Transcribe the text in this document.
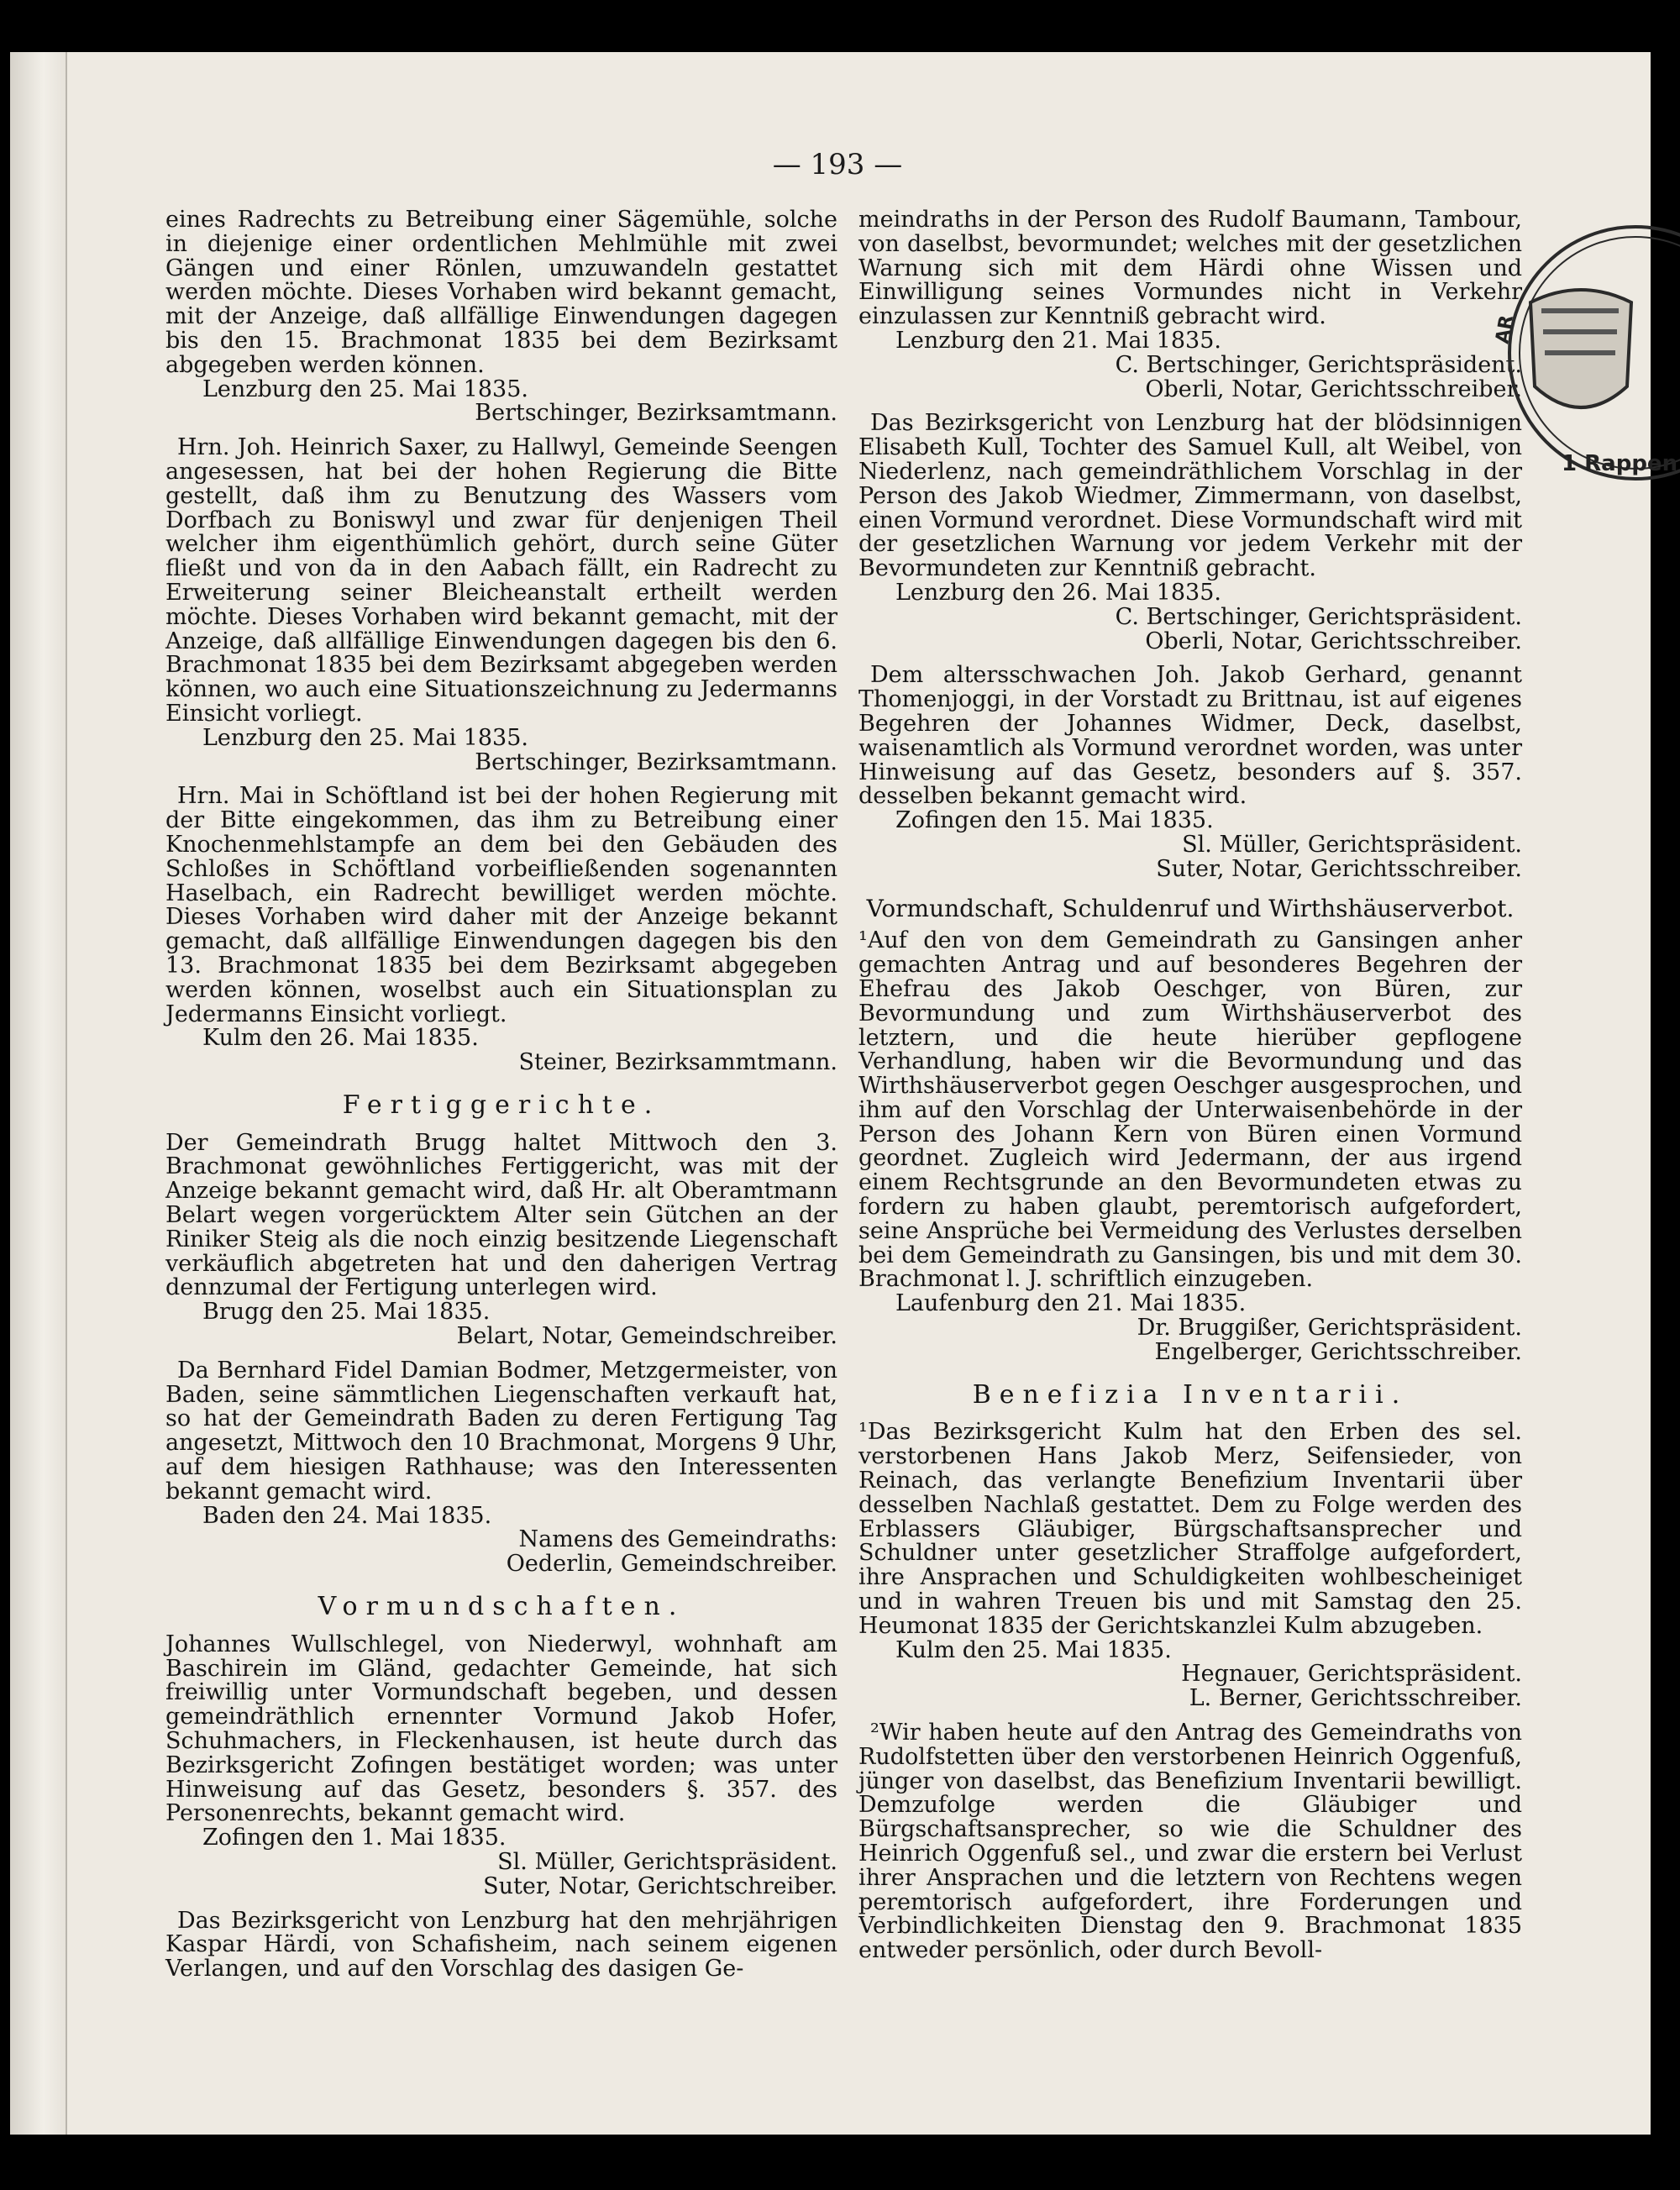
— 193 —

eines Radrechts zu Betreibung einer Sägemühle, solche in diejenige einer ordentlichen Mehlmühle mit zwei Gängen und einer Rönlen, umzuwandeln gestattet werden möchte. Dieses Vorhaben wird bekannt gemacht, mit der Anzeige, daß allfällige Einwendungen dagegen bis den 15. Brachmonat 1835 bei dem Bezirksamt abgegeben werden können.

Lenzburg den 25. Mai 1835.

Bertschinger, Bezirksamtmann.

Hrn. Joh. Heinrich Saxer, zu Hallwyl, Gemeinde Seengen angesessen, hat bei der hohen Regierung die Bitte gestellt, daß ihm zu Benutzung des Wassers vom Dorfbach zu Boniswyl und zwar für denjenigen Theil welcher ihm eigenthümlich gehört, durch seine Güter fließt und von da in den Aabach fällt, ein Radrecht zu Erweiterung seiner Bleicheanstalt ertheilt werden möchte. Dieses Vorhaben wird bekannt gemacht, mit der Anzeige, daß allfällige Einwendungen dagegen bis den 6. Brachmonat 1835 bei dem Bezirksamt abgegeben werden können, wo auch eine Situationszeichnung zu Jedermanns Einsicht vorliegt.

Lenzburg den 25. Mai 1835.

Bertschinger, Bezirksamtmann.

Hrn. Mai in Schöftland ist bei der hohen Regierung mit der Bitte eingekommen, das ihm zu Betreibung einer Knochenmehlstampfe an dem bei den Gebäuden des Schloßes in Schöftland vorbeifließenden sogenannten Haselbach, ein Radrecht bewilliget werden möchte. Dieses Vorhaben wird daher mit der Anzeige bekannt gemacht, daß allfällige Einwendungen dagegen bis den 13. Brachmonat 1835 bei dem Bezirksamt abgegeben werden können, woselbst auch ein Situationsplan zu Jedermanns Einsicht vorliegt.

Kulm den 26. Mai 1835.

Steiner, Bezirksammtmann.

Fertiggerichte.

Der Gemeindrath Brugg haltet Mittwoch den 3. Brachmonat gewöhnliches Fertiggericht, was mit der Anzeige bekannt gemacht wird, daß Hr. alt Oberamtmann Belart wegen vorgerücktem Alter sein Gütchen an der Riniker Steig als die noch einzig besitzende Liegenschaft verkäuflich abgetreten hat und den daherigen Vertrag dennzumal der Fertigung unterlegen wird.

Brugg den 25. Mai 1835.

Belart, Notar, Gemeindschreiber.

Da Bernhard Fidel Damian Bodmer, Metzgermeister, von Baden, seine sämmtlichen Liegenschaften verkauft hat, so hat der Gemeindrath Baden zu deren Fertigung Tag angesetzt, Mittwoch den 10 Brachmonat, Morgens 9 Uhr, auf dem hiesigen Rathhause; was den Interessenten bekannt gemacht wird.

Baden den 24. Mai 1835.

Namens des Gemeindraths:

Oederlin, Gemeindschreiber.

Vormundschaften.

Johannes Wullschlegel, von Niederwyl, wohnhaft am Baschirein im Gländ, gedachter Gemeinde, hat sich freiwillig unter Vormundschaft begeben, und dessen gemeindräthlich ernennter Vormund Jakob Hofer, Schuhmachers, in Fleckenhausen, ist heute durch das Bezirksgericht Zofingen bestätiget worden; was unter Hinweisung auf das Gesetz, besonders §. 357. des Personenrechts, bekannt gemacht wird.

Zofingen den 1. Mai 1835.

Sl. Müller, Gerichtspräsident.

Suter, Notar, Gerichtschreiber.

Das Bezirksgericht von Lenzburg hat den mehrjährigen Kaspar Härdi, von Schafisheim, nach seinem eigenen Verlangen, und auf den Vorschlag des dasigen Ge-

meindraths in der Person des Rudolf Baumann, Tambour, von daselbst, bevormundet; welches mit der gesetzlichen Warnung sich mit dem Härdi ohne Wissen und Einwilligung seines Vormundes nicht in Verkehr einzulassen zur Kenntniß gebracht wird.

Lenzburg den 21. Mai 1835.

C. Bertschinger, Gerichtspräsident.

Oberli, Notar, Gerichtsschreiber.

Das Bezirksgericht von Lenzburg hat der blödsinnigen Elisabeth Kull, Tochter des Samuel Kull, alt Weibel, von Niederlenz, nach gemeindräthlichem Vorschlag in der Person des Jakob Wiedmer, Zimmermann, von daselbst, einen Vormund verordnet. Diese Vormundschaft wird mit der gesetzlichen Warnung vor jedem Verkehr mit der Bevormundeten zur Kenntniß gebracht.

Lenzburg den 26. Mai 1835.

C. Bertschinger, Gerichtspräsident.

Oberli, Notar, Gerichtsschreiber.

Dem altersschwachen Joh. Jakob Gerhard, genannt Thomenjoggi, in der Vorstadt zu Brittnau, ist auf eigenes Begehren der Johannes Widmer, Deck, daselbst, waisenamtlich als Vormund verordnet worden, was unter Hinweisung auf das Gesetz, besonders auf §. 357. desselben bekannt gemacht wird.

Zofingen den 15. Mai 1835.

Sl. Müller, Gerichtspräsident.

Suter, Notar, Gerichtsschreiber.

Vormundschaft, Schuldenruf und Wirthshäuserverbot.

¹Auf den von dem Gemeindrath zu Gansingen anher gemachten Antrag und auf besonderes Begehren der Ehefrau des Jakob Oeschger, von Büren, zur Bevormundung und zum Wirthshäuserverbot des letztern, und die heute hierüber gepflogene Verhandlung, haben wir die Bevormundung und das Wirthshäuserverbot gegen Oeschger ausgesprochen, und ihm auf den Vorschlag der Unterwaisenbehörde in der Person des Johann Kern von Büren einen Vormund geordnet. Zugleich wird Jedermann, der aus irgend einem Rechtsgrunde an den Bevormundeten etwas zu fordern zu haben glaubt, peremtorisch aufgefordert, seine Ansprüche bei Vermeidung des Verlustes derselben bei dem Gemeindrath zu Gansingen, bis und mit dem 30. Brachmonat l. J. schriftlich einzugeben.

Laufenburg den 21. Mai 1835.

Dr. Bruggißer, Gerichtspräsident.

Engelberger, Gerichtsschreiber.

Benefizia Inventarii.

¹Das Bezirksgericht Kulm hat den Erben des sel. verstorbenen Hans Jakob Merz, Seifensieder, von Reinach, das verlangte Benefizium Inventarii über desselben Nachlaß gestattet. Dem zu Folge werden des Erblassers Gläubiger, Bürgschaftsansprecher und Schuldner unter gesetzlicher Straffolge aufgefordert, ihre Ansprachen und Schuldigkeiten wohlbescheiniget und in wahren Treuen bis und mit Samstag den 25. Heumonat 1835 der Gerichtskanzlei Kulm abzugeben.

Kulm den 25. Mai 1835.

Hegnauer, Gerichtspräsident.

L. Berner, Gerichtsschreiber.

²Wir haben heute auf den Antrag des Gemeindraths von Rudolfstetten über den verstorbenen Heinrich Oggenfuß, jünger von daselbst, das Benefizium Inventarii bewilligt. Demzufolge werden die Gläubiger und Bürgschaftsansprecher, so wie die Schuldner des Heinrich Oggenfuß sel., und zwar die erstern bei Verlust ihrer Ansprachen und die letztern von Rechtens wegen peremtorisch aufgefordert, ihre Forderungen und Verbindlichkeiten Dienstag den 9. Brachmonat 1835 entweder persönlich, oder durch Bevoll-

AR
1 Rappen
